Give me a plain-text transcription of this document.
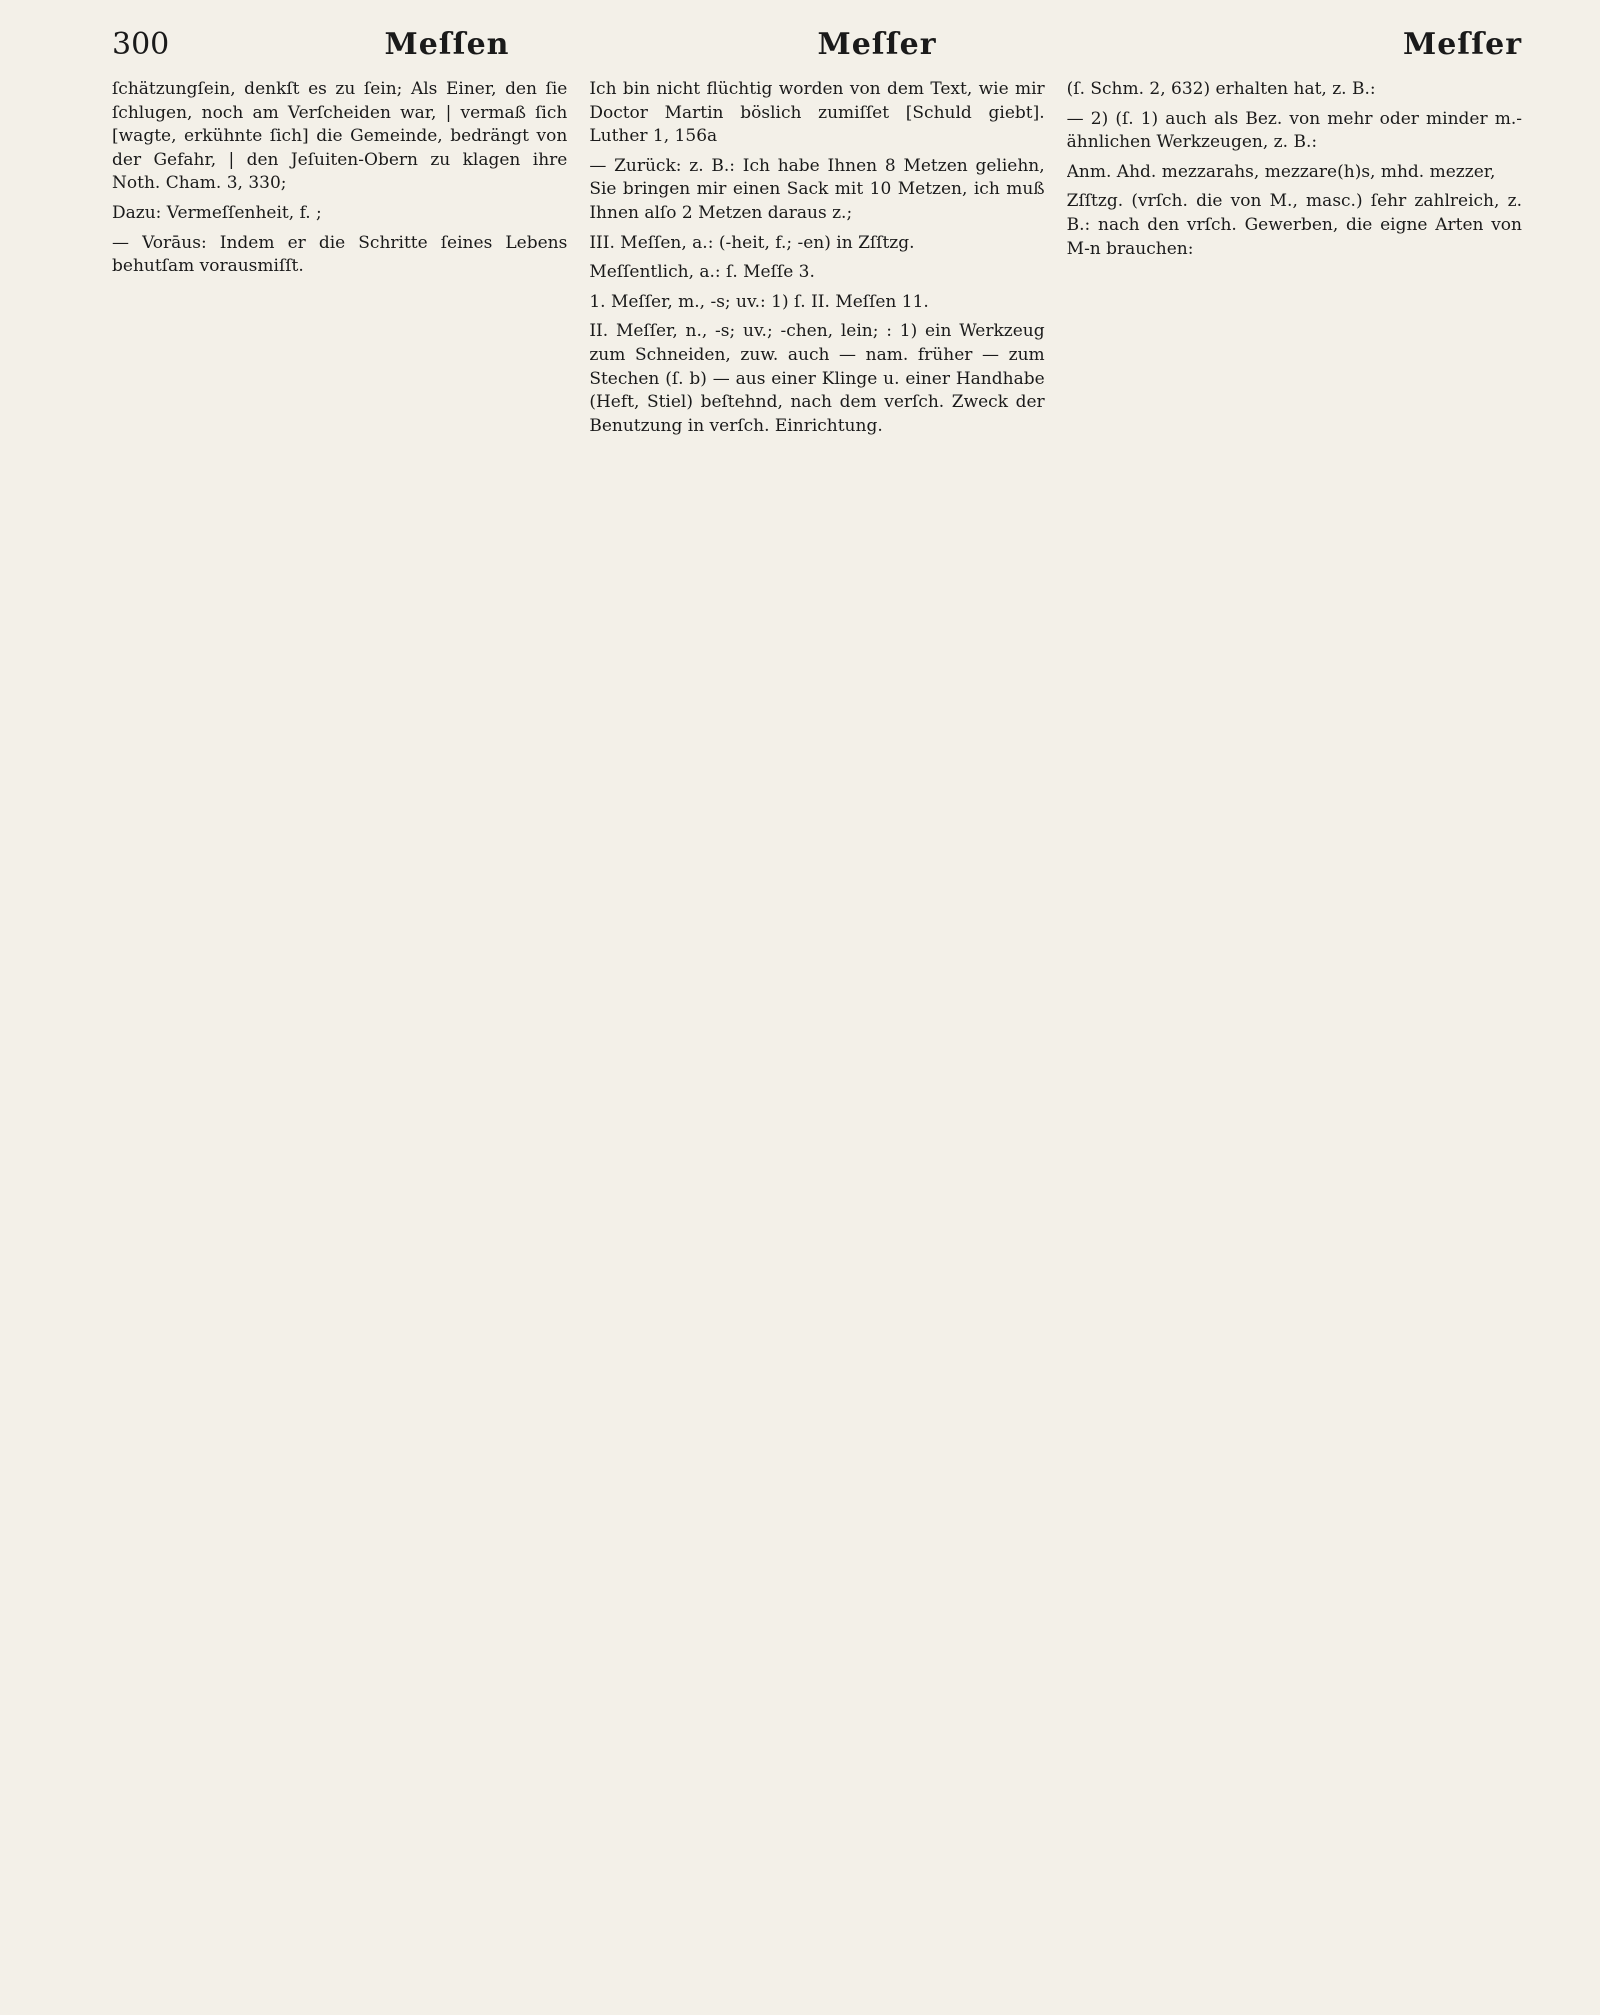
300	Meſſen	Meſſer	Meſſer

ſchätzungſein, denkſt es zu ſein; Als Einer, den ſie ſchlugen, noch am Verſcheiden war, | vermaß ſich [wagte, erkühnte ſich] die Gemeinde, bedrängt von der Gefahr, | den Jeſuiten-Obern zu klagen ihre Noth. Cham. 3, 330;

Dazu: Vermeſſenheit, f. ;

— Vorāus: Indem er die Schritte ſeines Lebens behutſam vorausmiſſt.

Ich bin nicht flüchtig worden von dem Text, wie mir Doctor Martin böslich zumiſſet [Schuld giebt]. Luther 1, 156a

— Zurück: z. B.: Ich habe Ihnen 8 Metzen geliehn, Sie bringen mir einen Sack mit 10 Metzen, ich muß Ihnen alſo 2 Metzen daraus z.;

III. Meſſen, a.: (-heit, f.; -en) in Zſſtzg.

Meſſentlich, a.: ſ. Meſſe 3.

1. Meſſer, m., -s; uv.: 1) ſ. II. Meſſen 11.

II. Meſſer, n., -s; uv.; -chen, lein; : 1) ein Werkzeug zum Schneiden, zuw. auch — nam. früher — zum Stechen (ſ. b) — aus einer Klinge u. einer Handhabe (Heft, Stiel) beſtehnd, nach dem verſch. Zweck der Benutzung in verſch. Einrichtung.

(ſ. Schm. 2, 632) erhalten hat, z. B.:

— 2) (ſ. 1) auch als Bez. von mehr oder minder m.-ähnlichen Werkzeugen, z. B.:

Anm. Ahd. mezzarahs, mezzare(h)s, mhd. mezzer,

Zſſtzg. (vrſch. die von M., masc.) ſehr zahlreich, z. B.: nach den vrſch. Gewerben, die eigne Arten von M-n brauchen:
